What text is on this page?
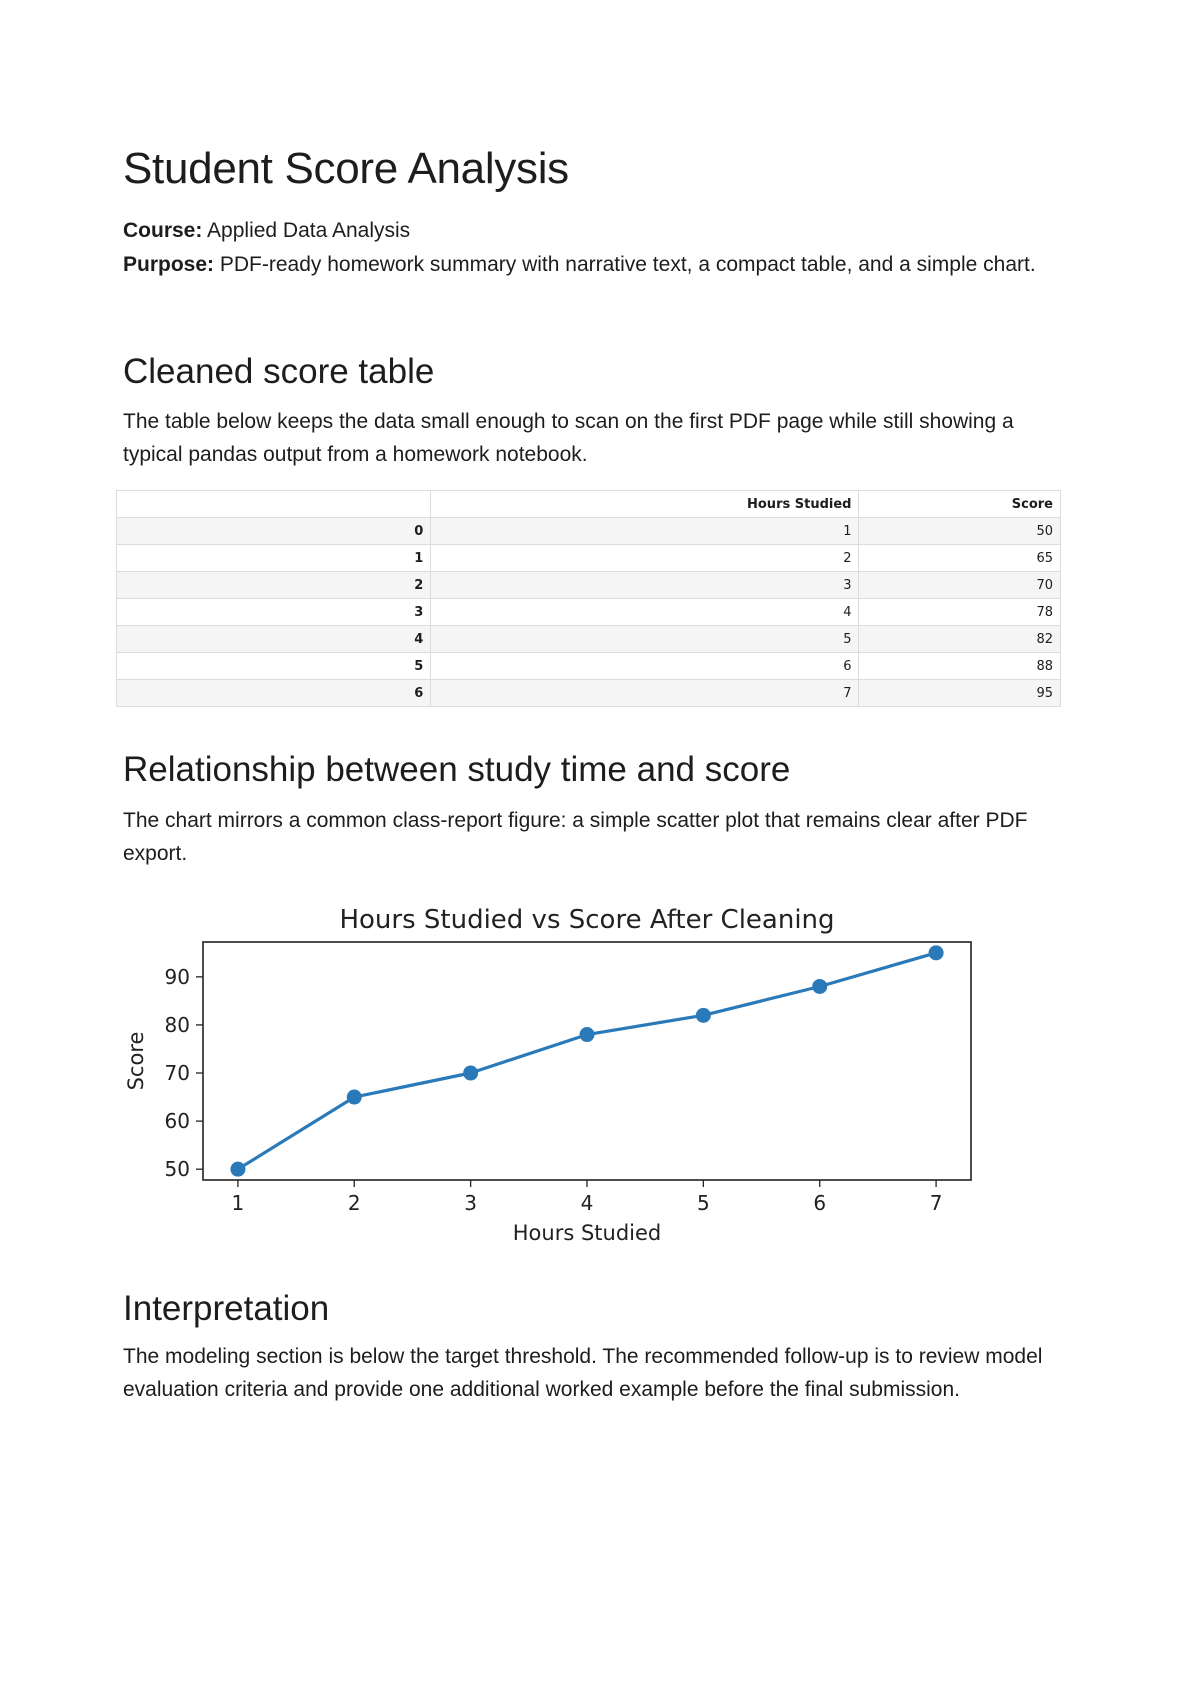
Student Score Analysis

Course: Applied Data Analysis

Purpose: PDF-ready homework summary with narrative text, a compact table, and a simple chart.

Cleaned score table

The table below keeps the data small enough to scan on the first PDF page while still showing a typical pandas output from a homework notebook.

	Hours Studied	Score
0	1	50
1	2	65
2	3	70
3	4	78
4	5	82
5	6	88
6	7	95
Relationship between study time and score

The chart mirrors a common class-report figure: a simple scatter plot that remains clear after PDF export.

Hours Studied vs Score After Cleaning
1	2	3	4	5	6	7
50
60
70
80
90
Hours Studied
Score
Interpretation

The modeling section is below the target threshold. The recommended follow-up is to review model evaluation criteria and provide one additional worked example before the final submission.
